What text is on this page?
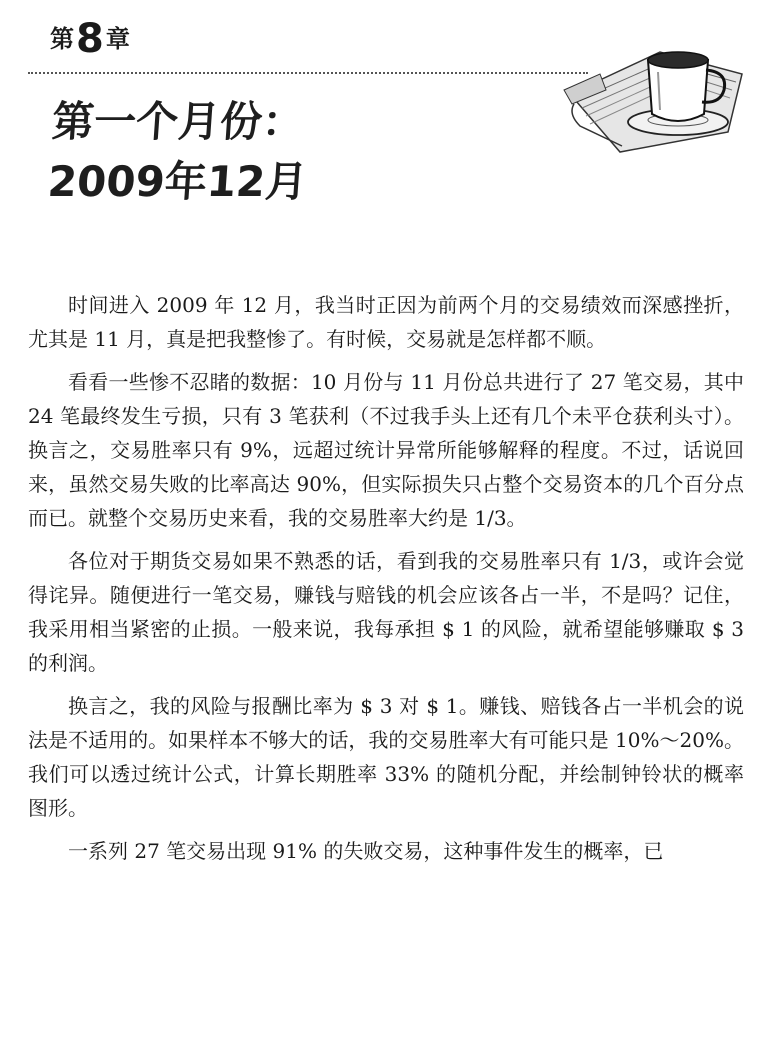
第8章
第一个月份：
2009年12月

时间进入 2009 年 12 月，我当时正因为前两个月的交易绩效而深感挫折，尤其是 11 月，真是把我整惨了。有时候，交易就是怎样都不顺。

看看一些惨不忍睹的数据：10 月份与 11 月份总共进行了 27 笔交易，其中 24 笔最终发生亏损，只有 3 笔获利（不过我手头上还有几个未平仓获利头寸）。换言之，交易胜率只有 9%，远超过统计异常所能够解释的程度。不过，话说回来，虽然交易失败的比率高达 90%，但实际损失只占整个交易资本的几个百分点而已。就整个交易历史来看，我的交易胜率大约是 1/3。

各位对于期货交易如果不熟悉的话，看到我的交易胜率只有 1/3，或许会觉得诧异。随便进行一笔交易，赚钱与赔钱的机会应该各占一半，不是吗？记住，我采用相当紧密的止损。一般来说，我每承担 $ 1 的风险，就希望能够赚取 $ 3 的利润。

换言之，我的风险与报酬比率为 $ 3 对 $ 1。赚钱、赔钱各占一半机会的说法是不适用的。如果样本不够大的话，我的交易胜率大有可能只是 10%～20%。我们可以透过统计公式，计算长期胜率 33% 的随机分配，并绘制钟铃状的概率图形。

一系列 27 笔交易出现 91% 的失败交易，这种事件发生的概率，已
